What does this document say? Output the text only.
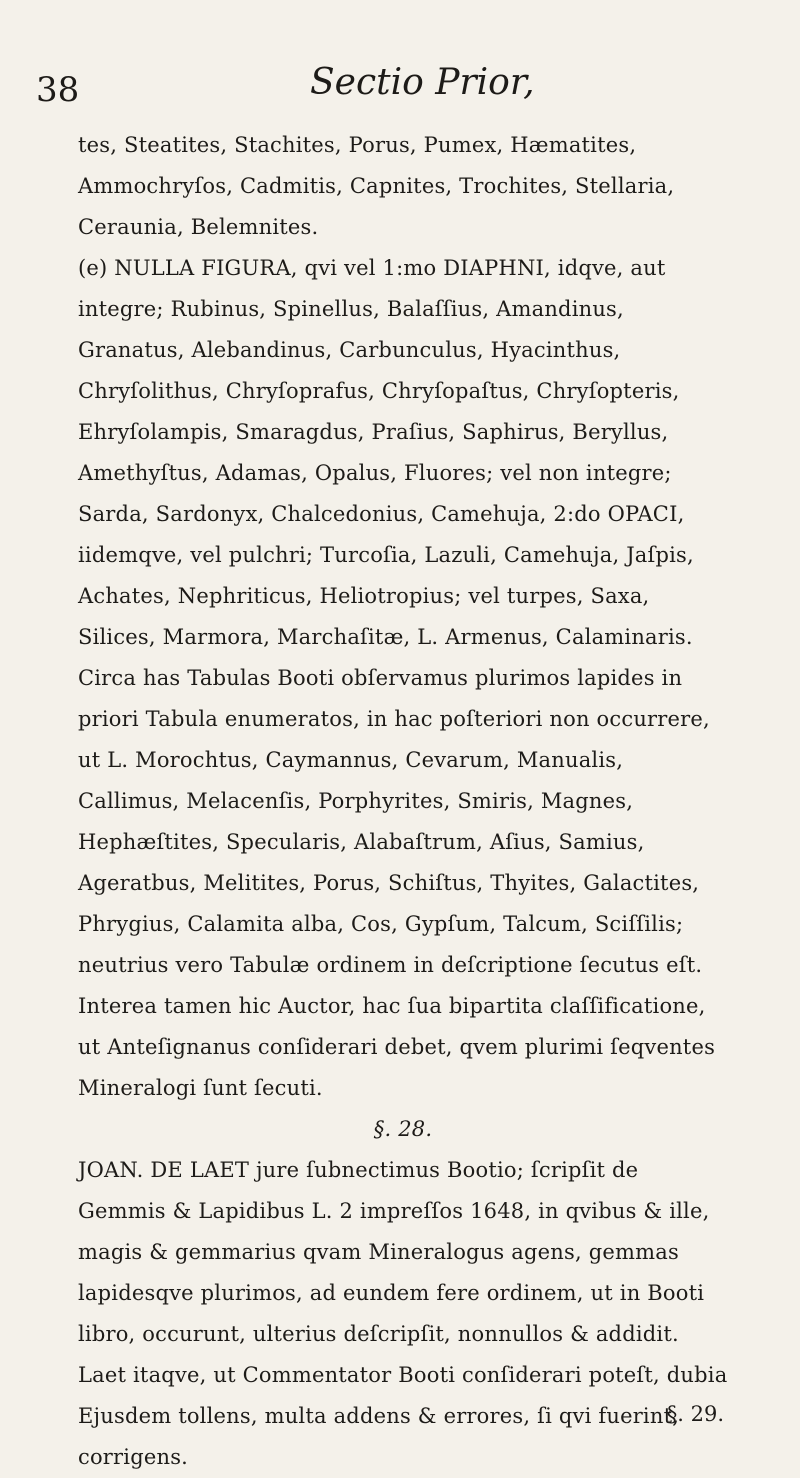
38	Sectio Prior,

tes, Steatites, Stachites, Porus, Pumex, Hæmatites, Ammochryſos, Cadmitis, Capnites, Trochites, Stellaria, Ceraunia, Belemnites.

(e) NULLA FIGURA, qvi vel 1:mo DIAPHNI, idqve, aut integre; Rubinus, Spinellus, Balaſſius, Amandinus, Granatus, Alebandinus, Carbunculus, Hyacinthus, Chryſolithus, Chryſoprafus, Chryſopaſtus, Chryſopteris, Ehryſolampis, Smaragdus, Praſius, Saphirus, Beryllus, Amethyſtus, Adamas, Opalus, Fluores; vel non integre; Sarda, Sardonyx, Chalcedonius, Camehuja, 2:do OPACI, iidemqve, vel pulchri; Turcoſia, Lazuli, Camehuja, Jaſpis, Achates, Nephriticus, Heliotropius; vel turpes, Saxa, Silices, Marmora, Marchaſitæ, L. Armenus, Calaminaris.

Circa has Tabulas Booti obſervamus plurimos lapides in priori Tabula enumeratos, in hac poſteriori non occurrere, ut L. Morochtus, Caymannus, Cevarum, Manualis, Callimus, Melacenſis, Porphyrites, Smiris, Magnes, Hephæſtites, Specularis, Alabaſtrum, Aſius, Samius, Ageratbus, Melitites, Porus, Schiſtus, Thyites, Galactites, Phrygius, Calamita alba, Cos, Gypſum, Talcum, Sciſſilis; neutrius vero Tabulæ ordinem in deſcriptione ſecutus eſt.

Interea tamen hic Auctor, hac ſua bipartita claſſificatione, ut Anteſignanus conſiderari debet, qvem plurimi ſeqventes Mineralogi ſunt ſecuti.

§. 28.

JOAN. DE LAET jure ſubnectimus Bootio; ſcripſit de Gemmis & Lapidibus L. 2 impreſſos 1648, in qvibus & ille, magis & gemmarius qvam Mineralogus agens, gemmas lapidesqve plurimos, ad eundem fere ordinem, ut in Booti libro, occurunt, ulterius deſcripſit, nonnullos & addidit. Laet itaqve, ut Commentator Booti conſiderari poteſt, dubia Ejusdem tollens, multa addens & errores, ſi qvi fuerint, corrigens.

§. 29.
